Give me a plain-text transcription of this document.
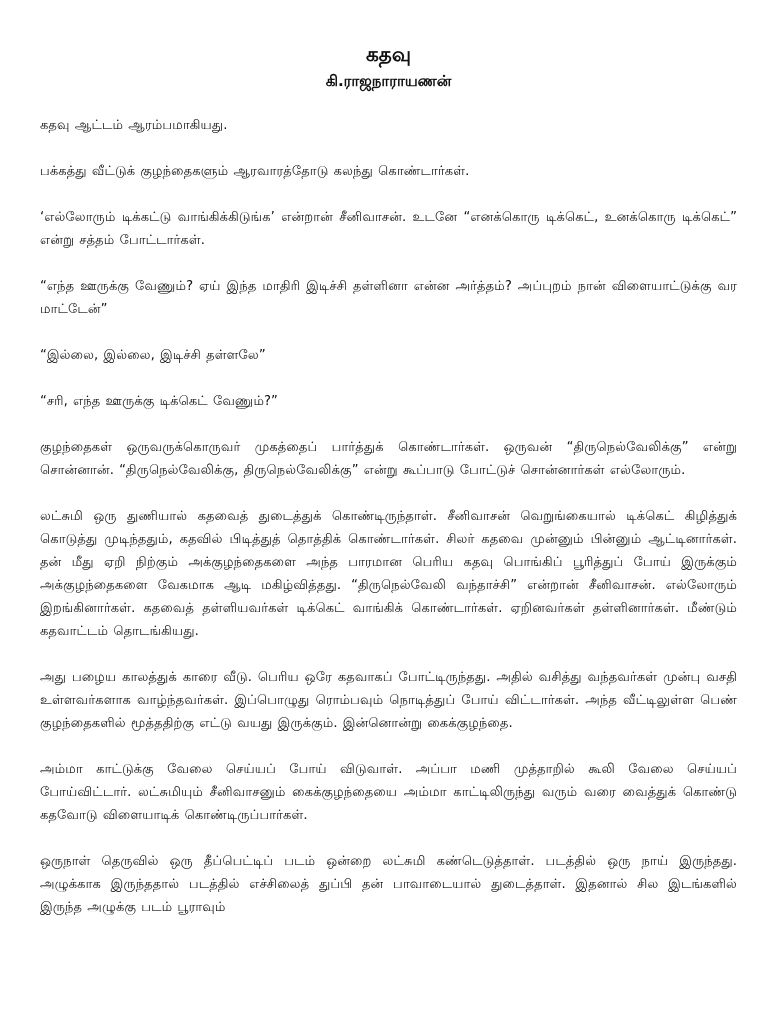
கதவு
கி.ராஜநாராயணன்

கதவு ஆட்டம் ஆரம்பமாகியது.

பக்கத்து வீட்டுக் குழந்தைகளும் ஆரவாரத்தோடு கலந்து கொண்டார்கள்.

‘எல்லோரும் டிக்கட்டு வாங்கிக்கிடுங்க’ என்றான் சீனிவாசன். உடனே “எனக்கொரு டிக்கெட், உனக்கொரு டிக்கெட்” என்று சத்தம் போட்டார்கள்.

“எந்த ஊருக்கு வேணும்? ஏய் இந்த மாதிரி இடிச்சி தள்ளினா என்ன அர்த்தம்? அப்புறம் நான் விளையாட்டுக்கு வர மாட்டேன்”

“இல்லை, இல்லை, இடிச்சி தள்ளலே”

“சரி, எந்த ஊருக்கு டிக்கெட் வேணும்?”

குழந்தைகள் ஒருவருக்கொருவர் முகத்தைப் பார்த்துக் கொண்டார்கள். ஒருவன் “திருநெல்வேலிக்கு” என்று சொன்னான். “திருநெல்வேலிக்கு, திருநெல்வேலிக்கு” என்று கூப்பாடு போட்டுச் சொன்னார்கள் எல்லோரும்.

லட்சுமி ஒரு துணியால் கதவைத் துடைத்துக் கொண்டிருந்தாள். சீனிவாசன் வெறுங்கையால் டிக்கெட் கிழித்துக் கொடுத்து முடிந்ததும், கதவில் பிடித்துத் தொத்திக் கொண்டார்கள். சிலர் கதவை முன்னும் பின்னும் ஆட்டினார்கள். தன் மீது ஏறி நிற்கும் அக்குழந்தைகளை அந்த பாரமான பெரிய கதவு பொங்கிப் பூரித்துப் போய் இருக்கும் அக்குழந்தைகளை வேகமாக ஆடி மகிழ்வித்தது. “திருநெல்வேலி வந்தாச்சி” என்றான் சீனிவாசன். எல்லோரும் இறங்கினார்கள். கதவைத் தள்ளியவர்கள் டிக்கெட் வாங்கிக் கொண்டார்கள். ஏறினவர்கள் தள்ளினார்கள். மீண்டும் கதவாட்டம் தொடங்கியது.

அது பழைய காலத்துக் காரை வீடு. பெரிய ஒரே கதவாகப் போட்டிருந்தது. அதில் வசித்து வந்தவர்கள் முன்பு வசதி உள்ளவர்களாக வாழ்ந்தவர்கள். இப்பொழுது ரொம்பவும் நொடித்துப் போய் விட்டார்கள். அந்த வீட்டிலுள்ள பெண் குழந்தைகளில் மூத்ததிற்கு எட்டு வயது இருக்கும். இன்னொன்று கைக்குழந்தை.

அம்மா காட்டுக்கு வேலை செய்யப் போய் விடுவாள். அப்பா மணி முத்தாறில் கூலி வேலை செய்யப் போய்விட்டார். லட்சுமியும் சீனிவாசனும் கைக்குழந்தையை அம்மா காட்டிலிருந்து வரும் வரை வைத்துக் கொண்டு கதவோடு விளையாடிக் கொண்டிருப்பார்கள்.

ஒருநாள் தெருவில் ஒரு தீப்பெட்டிப் படம் ஒன்றை லட்சுமி கண்டெடுத்தாள். படத்தில் ஒரு நாய் இருந்தது. அழுக்காக இருந்ததால் படத்தில் எச்சிலைத் துப்பி தன் பாவாடையால் துடைத்தாள். இதனால் சில இடங்களில் இருந்த அழுக்கு படம் பூராவும்
